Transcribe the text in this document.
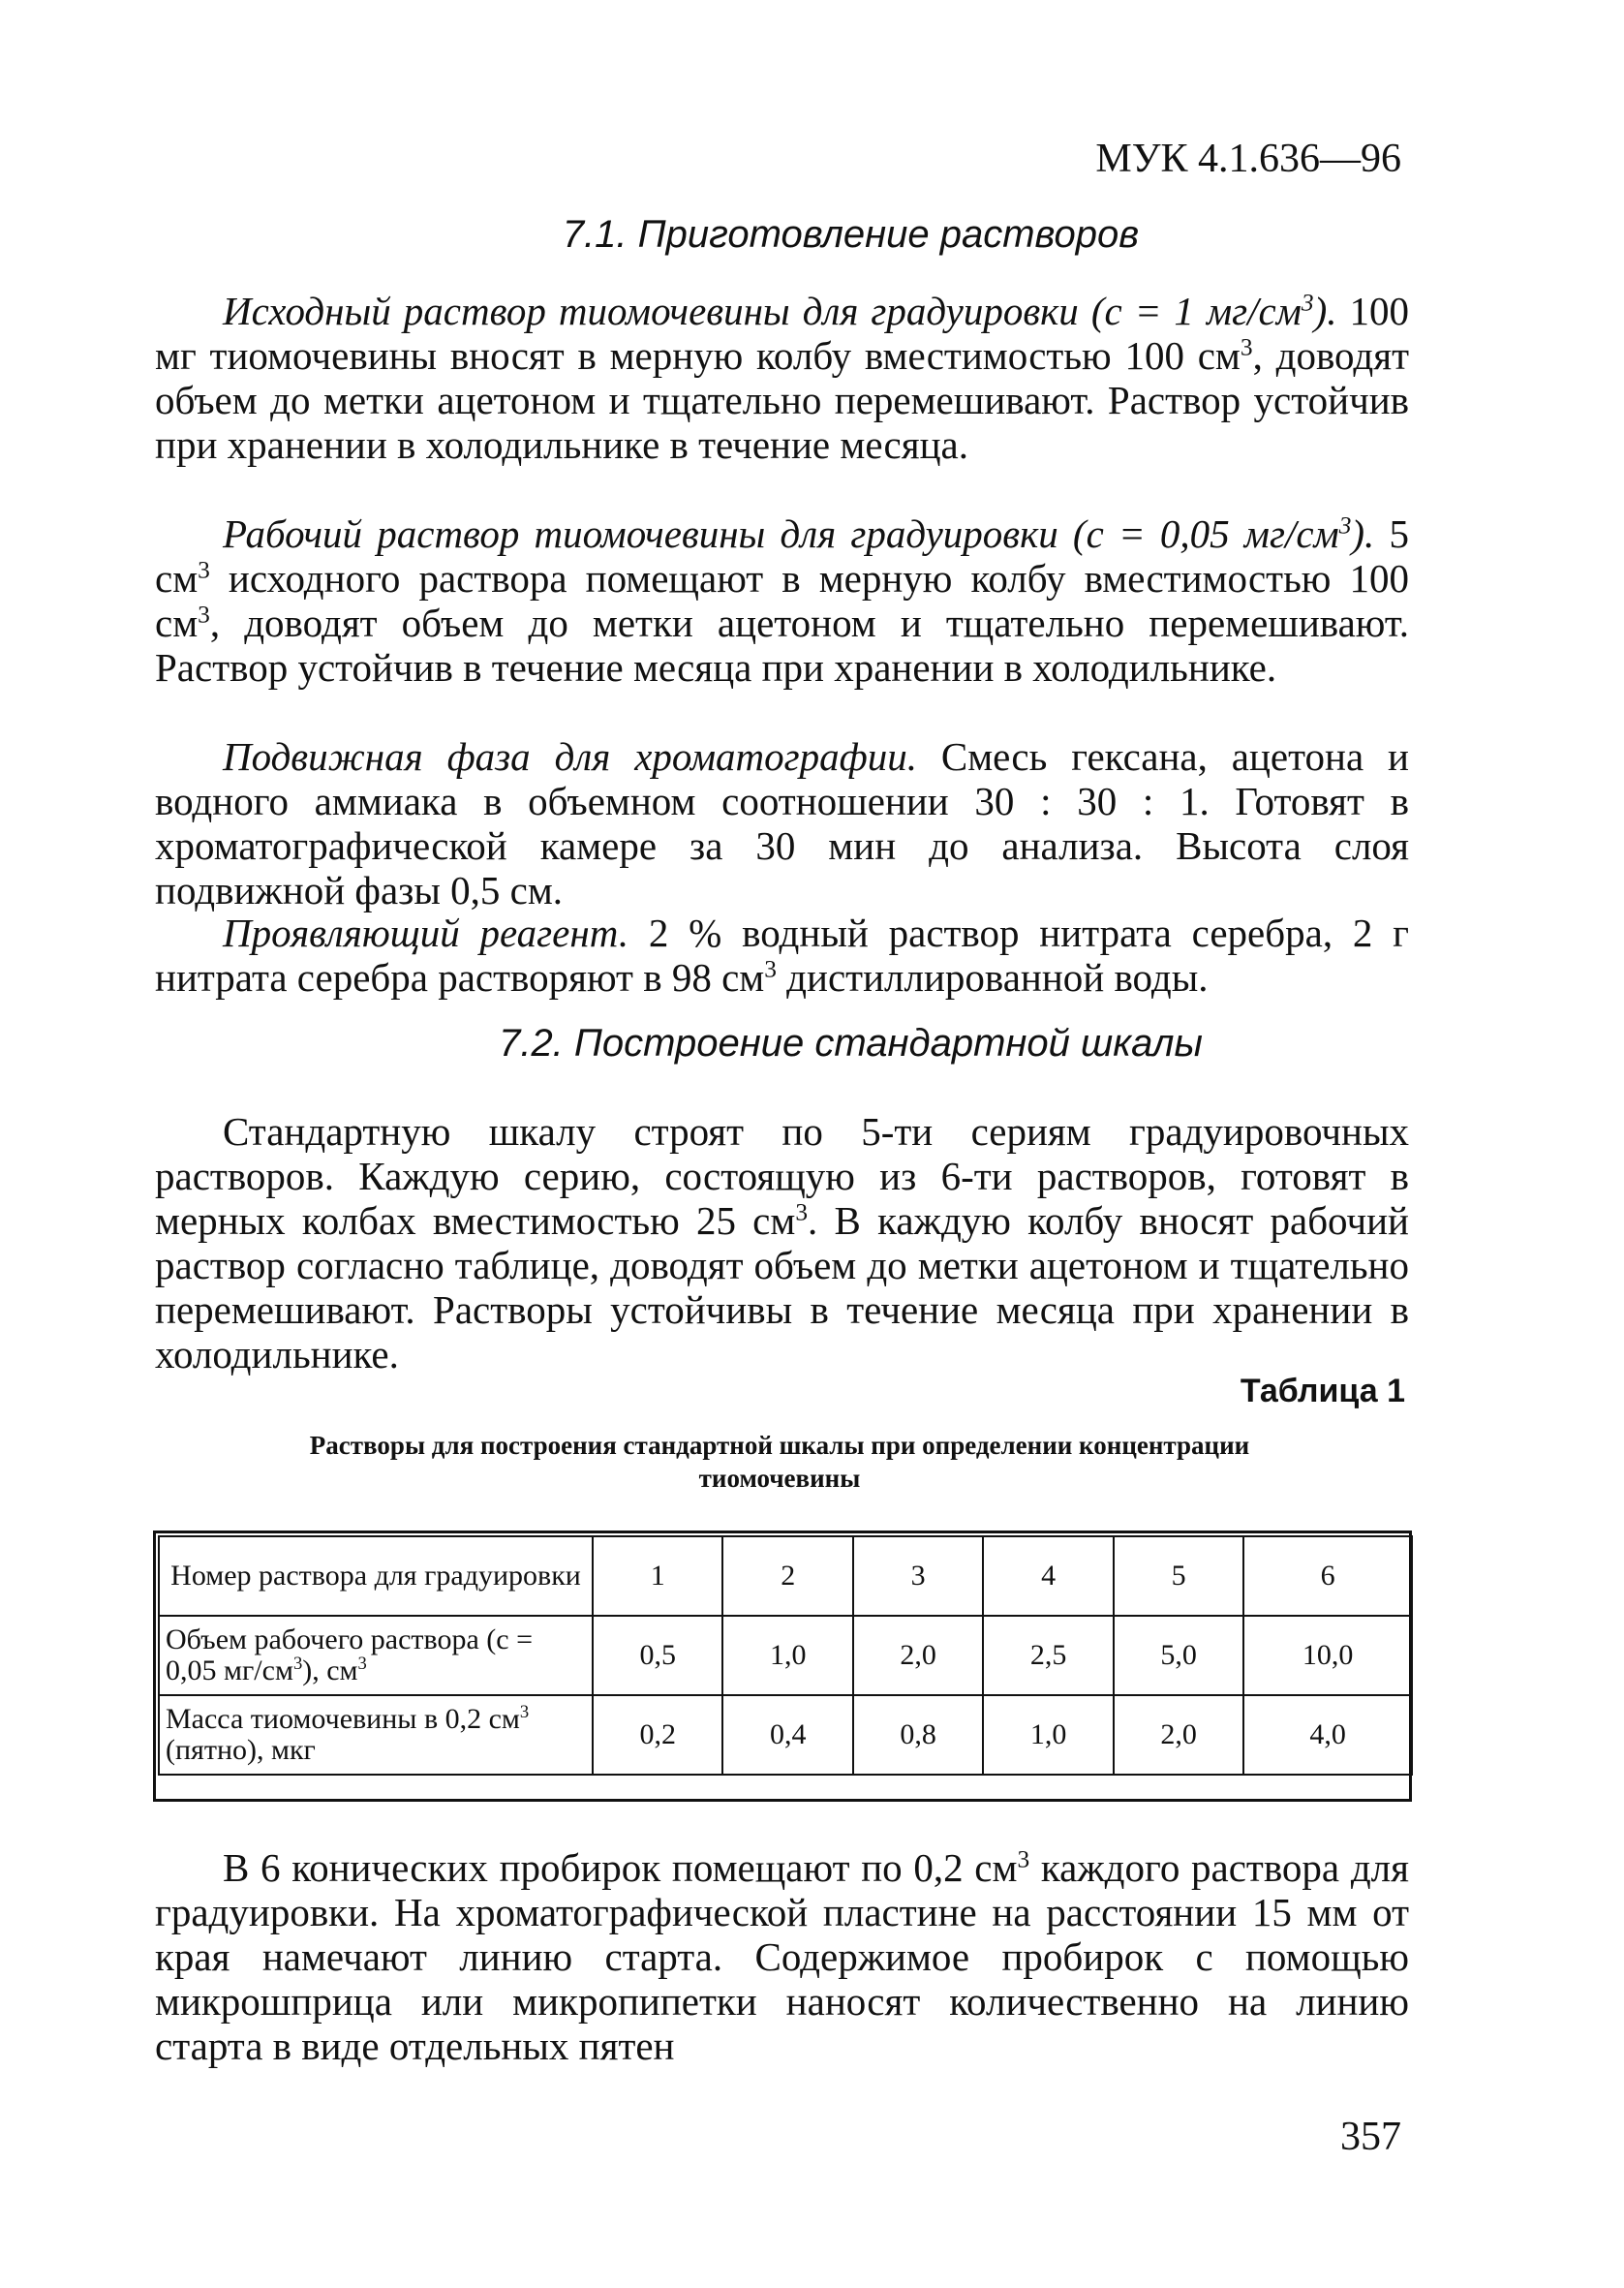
МУК 4.1.636—96
7.1. Приготовление растворов

Исходный раствор тиомочевины для градуировки (с = 1 $мг/см^3$). 100 мг тиомочевины вносят в мерную колбу вместимостью 100 $см^3$, доводят объем до метки ацетоном и тщательно перемешивают. Раствор устойчив при хранении в холодильнике в течение месяца.

Рабочий раствор тиомочевины для градуировки (с = 0,05 $мг/см^3$). 5 $см^3$ исходного раствора помещают в мерную колбу вместимостью 100 $см^3$, доводят объем до метки ацетоном и тщательно перемешивают. Раствор устойчив в течение месяца при хранении в холодильнике.

Подвижная фаза для хроматографии. Смесь гексана, ацетона и водного аммиака в объемном соотношении 30 : 30 : 1. Готовят в хроматографической камере за 30 мин до анализа. Высота слоя подвижной фазы 0,5 см.

Проявляющий реагент. 2 % водный раствор нитрата серебра, 2 г нитрата серебра растворяют в 98 $см^3$ дистиллированной воды.

7.2. Построение стандартной шкалы

Стандартную шкалу строят по 5-ти сериям градуировочных растворов. Каждую серию, состоящую из 6-ти растворов, готовят в мерных колбах вместимостью 25 $см^3$. В каждую колбу вносят рабочий раствор согласно таблице, доводят объем до метки ацетоном и тщательно перемешивают. Растворы устойчивы в течение месяца при хранении в холодильнике.

Таблица 1
Растворы для построения стандартной шкалы при определении концентрации тиомочевины
Номер раствора для градуировки	1	2	3	4	5	6
Объем рабочего раствора (с = 0,05 $мг/см^3$), $см^3$	0,5	1,0	2,0	2,5	5,0	10,0
Масса тиомочевины в 0,2 $см^3$ (пятно), мкг	0,2	0,4	0,8	1,0	2,0	4,0

В 6 конических пробирок помещают по 0,2 $см^3$ каждого раствора для градуировки. На хроматографической пластине на расстоянии 15 мм от края намечают линию старта. Содержимое пробирок с помощью микрошприца или микропипетки наносят количественно на линию старта в виде отдельных пятен

357
